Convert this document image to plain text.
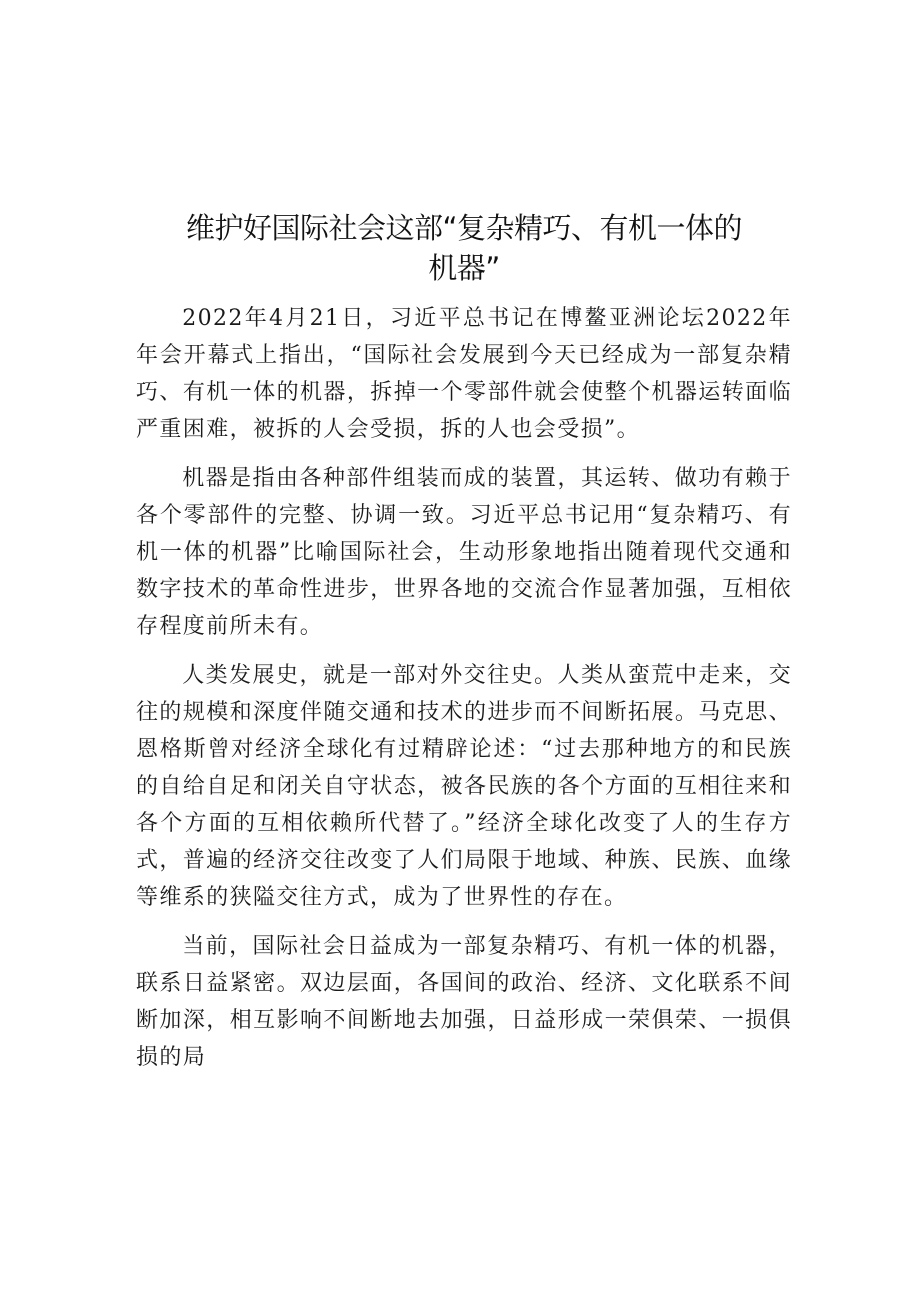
维护好国际社会这部“复杂精巧、有机一体的
机器”

2022年4月21日，习近平总书记在博鳌亚洲论坛2022年年会开幕式上指出，“国际社会发展到今天已经成为一部复杂精巧、有机一体的机器，拆掉一个零部件就会使整个机器运转面临严重困难，被拆的人会受损，拆的人也会受损”。

机器是指由各种部件组装而成的装置，其运转、做功有赖于各个零部件的完整、协调一致。习近平总书记用“复杂精巧、有机一体的机器”比喻国际社会，生动形象地指出随着现代交通和数字技术的革命性进步，世界各地的交流合作显著加强，互相依存程度前所未有。

人类发展史，就是一部对外交往史。人类从蛮荒中走来，交往的规模和深度伴随交通和技术的进步而不间断拓展。马克思、恩格斯曾对经济全球化有过精辟论述：“过去那种地方的和民族的自给自足和闭关自守状态，被各民族的各个方面的互相往来和各个方面的互相依赖所代替了。”经济全球化改变了人的生存方式，普遍的经济交往改变了人们局限于地域、种族、民族、血缘等维系的狭隘交往方式，成为了世界性的存在。

当前，国际社会日益成为一部复杂精巧、有机一体的机器，联系日益紧密。双边层面，各国间的政治、经济、文化联系不间断加深，相互影响不间断地去加强，日益形成一荣俱荣、一损俱损的局
